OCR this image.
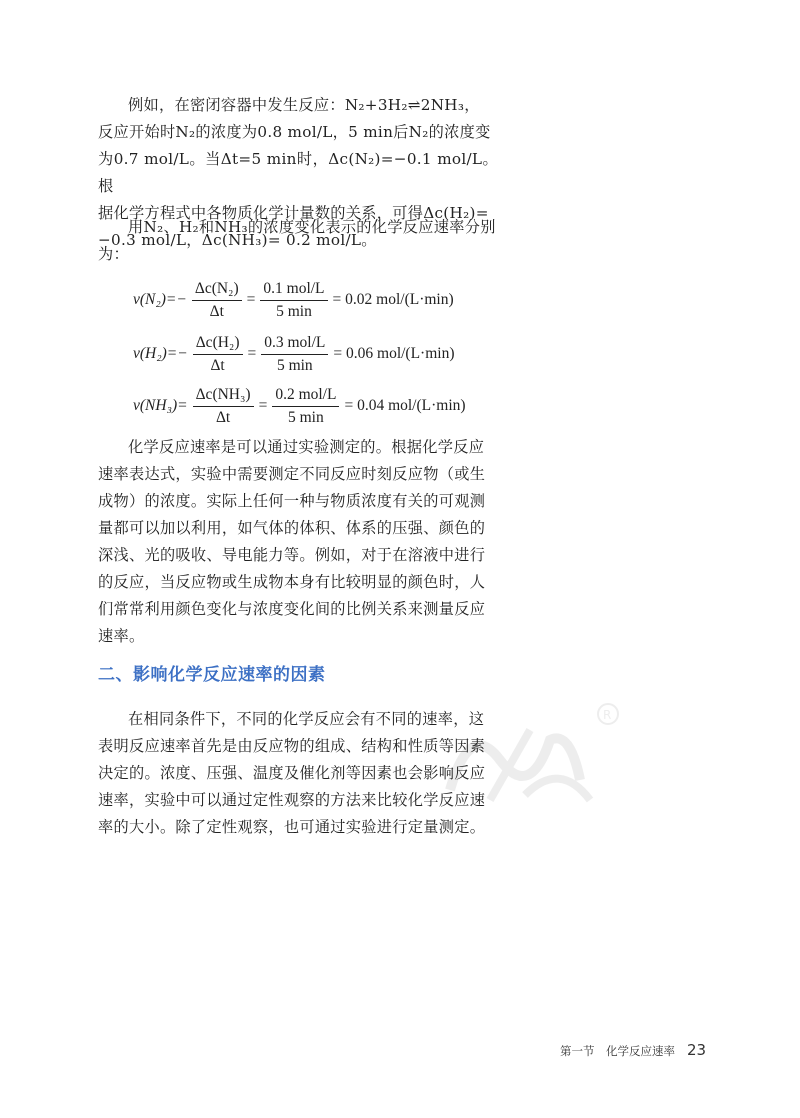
R
例如，在密闭容器中发生反应：N₂+3H₂⇌2NH₃，
反应开始时N₂的浓度为0.8 mol/L，5 min后N₂的浓度变
为0.7 mol/L。当Δt=5 min时，Δc(N₂)=−0.1 mol/L。根
据化学方程式中各物质化学计量数的关系，可得Δc(H₂)=
−0.3 mol/L，Δc(NH₃)= 0.2 mol/L。
用N₂、H₂和NH₃的浓度变化表示的化学反应速率分别
为：
$v(N_2)=- \frac{\text{Δc(N₂)}}{\Delta t} = \frac{\text{0.1 mol/L}}{5 \min} = 0.02$ mol/(L·min)
$v(H_2)=- \frac{\text{Δc(H₂)}}{\Delta t} = \frac{\text{0.3 mol/L}}{5 \min} = 0.06$ mol/(L·min)
$v(NH_3)= \frac{\text{Δc(NH₃)}}{\Delta t} = \frac{\text{0.2 mol/L}}{5 \min} = 0.04$ mol/(L·min)
化学反应速率是可以通过实验测定的。根据化学反应
速率表达式，实验中需要测定不同反应时刻反应物（或生
成物）的浓度。实际上任何一种与物质浓度有关的可观测
量都可以加以利用，如气体的体积、体系的压强、颜色的
深浅、光的吸收、导电能力等。例如，对于在溶液中进行
的反应，当反应物或生成物本身有比较明显的颜色时，人
们常常利用颜色变化与浓度变化间的比例关系来测量反应
速率。
二、影响化学反应速率的因素
在相同条件下，不同的化学反应会有不同的速率，这
表明反应速率首先是由反应物的组成、结构和性质等因素
决定的。浓度、压强、温度及催化剂等因素也会影响反应
速率，实验中可以通过定性观察的方法来比较化学反应速
率的大小。除了定性观察，也可通过实验进行定量测定。
第一节　化学反应速率 23
